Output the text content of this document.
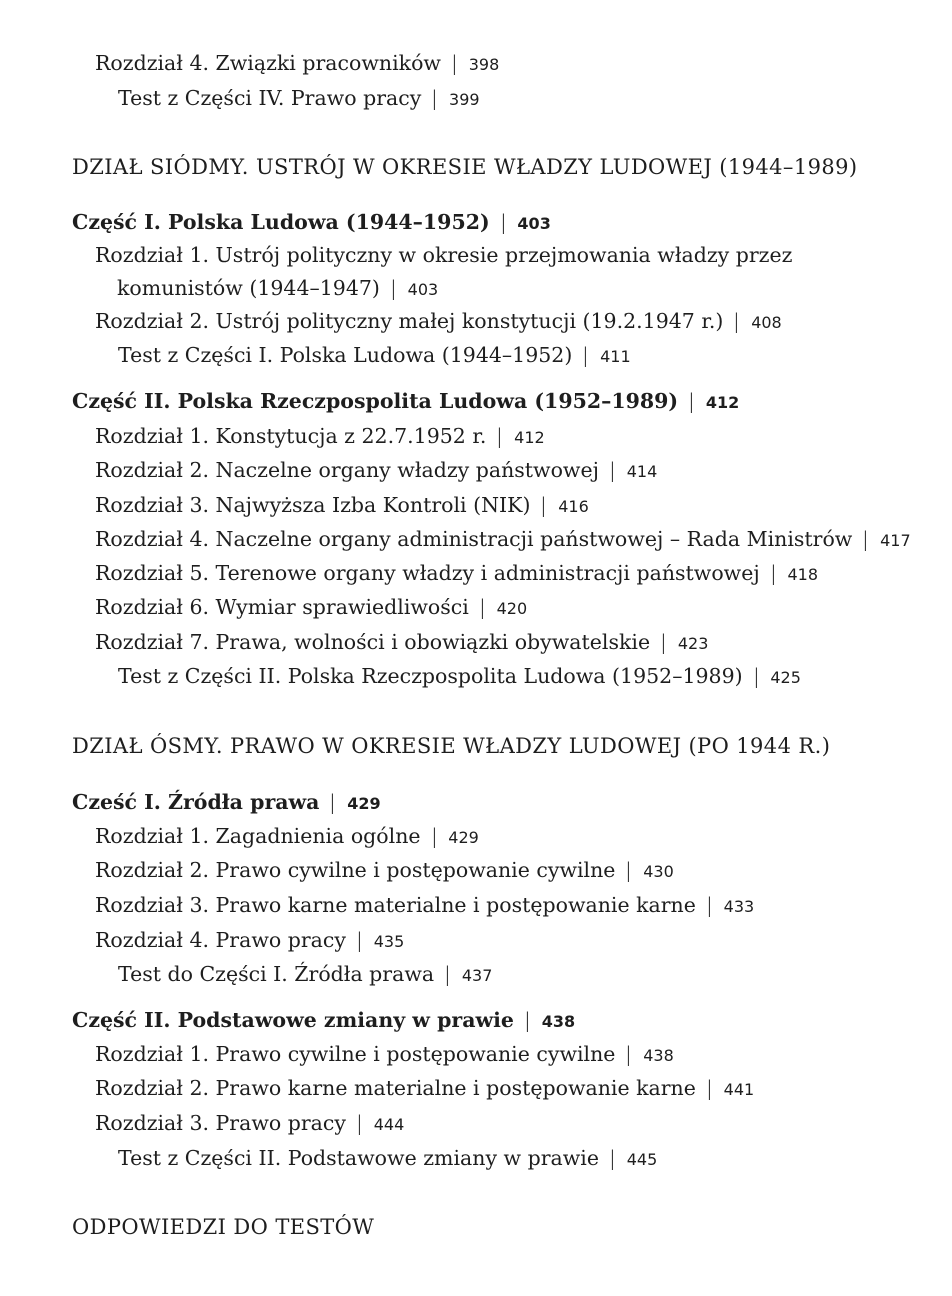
Rozdział 4. Związki pracowników | 398
Test z Części IV. Prawo pracy | 399
DZIAŁ SIÓDMY. USTRÓJ W OKRESIE WŁADZY LUDOWEJ (1944–1989)
Część I. Polska Ludowa (1944–1952) | 403
Rozdział 1. Ustrój polityczny w okresie przejmowania władzy przez
komunistów (1944–1947) | 403
Rozdział 2. Ustrój polityczny małej konstytucji (19.2.1947 r.) | 408
Test z Części I. Polska Ludowa (1944–1952) | 411
Część II. Polska Rzeczpospolita Ludowa (1952–1989) | 412
Rozdział 1. Konstytucja z 22.7.1952 r. | 412
Rozdział 2. Naczelne organy władzy państwowej | 414
Rozdział 3. Najwyższa Izba Kontroli (NIK) | 416
Rozdział 4. Naczelne organy administracji państwowej – Rada Ministrów | 417
Rozdział 5. Terenowe organy władzy i administracji państwowej | 418
Rozdział 6. Wymiar sprawiedliwości | 420
Rozdział 7. Prawa, wolności i obowiązki obywatelskie | 423
Test z Części II. Polska Rzeczpospolita Ludowa (1952–1989) | 425
DZIAŁ ÓSMY. PRAWO W OKRESIE WŁADZY LUDOWEJ (PO 1944 R.)
Cześć I. Źródła prawa | 429
Rozdział 1. Zagadnienia ogólne | 429
Rozdział 2. Prawo cywilne i postępowanie cywilne | 430
Rozdział 3. Prawo karne materialne i postępowanie karne | 433
Rozdział 4. Prawo pracy | 435
Test do Części I. Źródła prawa | 437
Część II. Podstawowe zmiany w prawie | 438
Rozdział 1. Prawo cywilne i postępowanie cywilne | 438
Rozdział 2. Prawo karne materialne i postępowanie karne | 441
Rozdział 3. Prawo pracy | 444
Test z Części II. Podstawowe zmiany w prawie | 445
ODPOWIEDZI DO TESTÓW
